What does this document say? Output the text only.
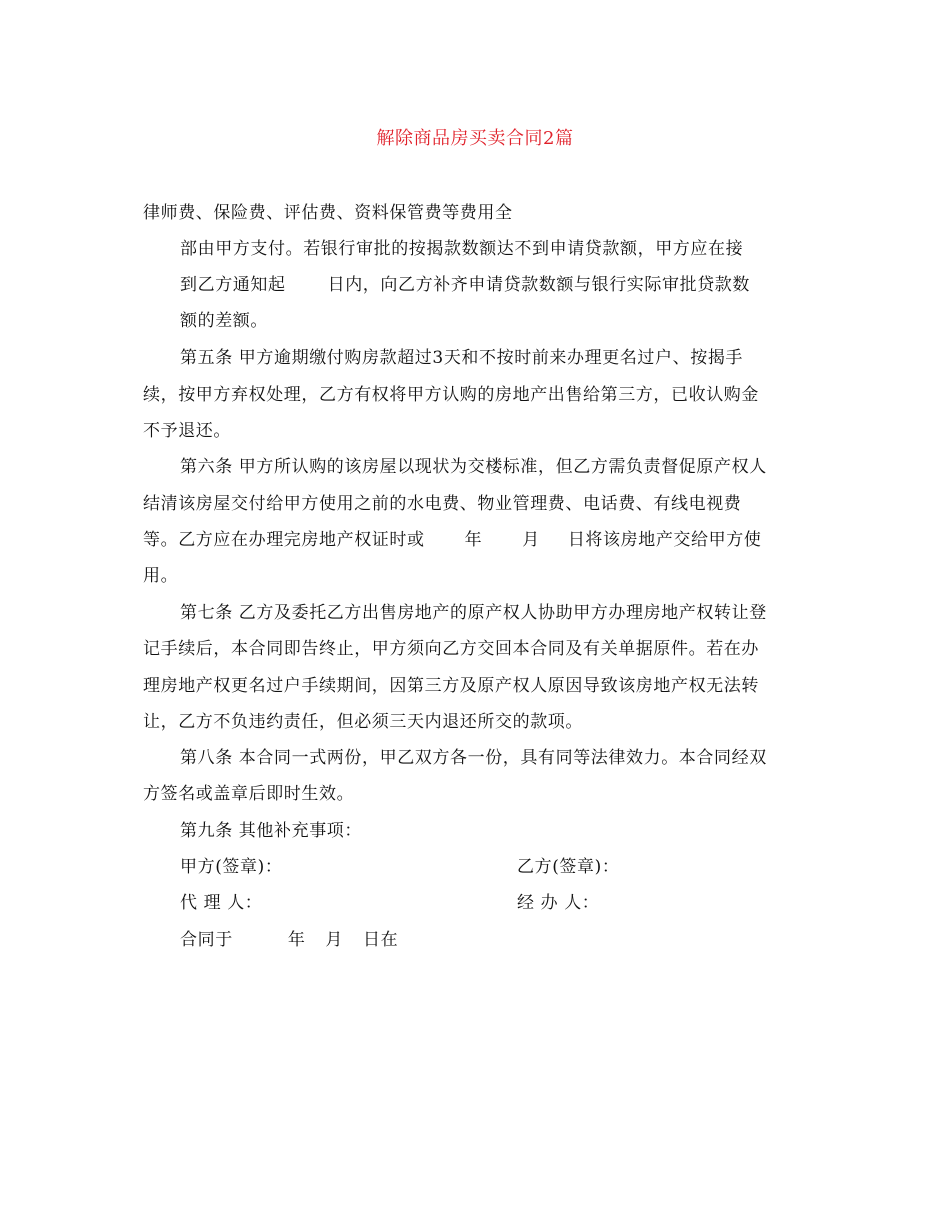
解除商品房买卖合同2篇
律师费、保险费、评估费、资料保管费等费用全
部由甲方支付。若银行审批的按揭款数额达不到申请贷款额，甲方应在接
到乙方通知起 日内，向乙方补齐申请贷款数额与银行实际审批贷款数
额的差额。
第五条 甲方逾期缴付购房款超过3天和不按时前来办理更名过户、按揭手
续，按甲方弃权处理，乙方有权将甲方认购的房地产出售给第三方，已收认购金
不予退还。
第六条 甲方所认购的该房屋以现状为交楼标准，但乙方需负责督促原产权人
结清该房屋交付给甲方使用之前的水电费、物业管理费、电话费、有线电视费
等。乙方应在办理完房地产权证时或 年 月 日将该房地产交给甲方使
用。
第七条 乙方及委托乙方出售房地产的原产权人协助甲方办理房地产权转让登
记手续后，本合同即告终止，甲方须向乙方交回本合同及有关单据原件。若在办
理房地产权更名过户手续期间，因第三方及原产权人原因导致该房地产权无法转
让，乙方不负违约责任，但必须三天内退还所交的款项。
第八条 本合同一式两份，甲乙双方各一份，具有同等法律效力。本合同经双
方签名或盖章后即时生效。
第九条 其他补充事项：
甲方(签章)：	乙方(签章)：
代 理 人：	经 办 人：
合同于	年 月 日在
